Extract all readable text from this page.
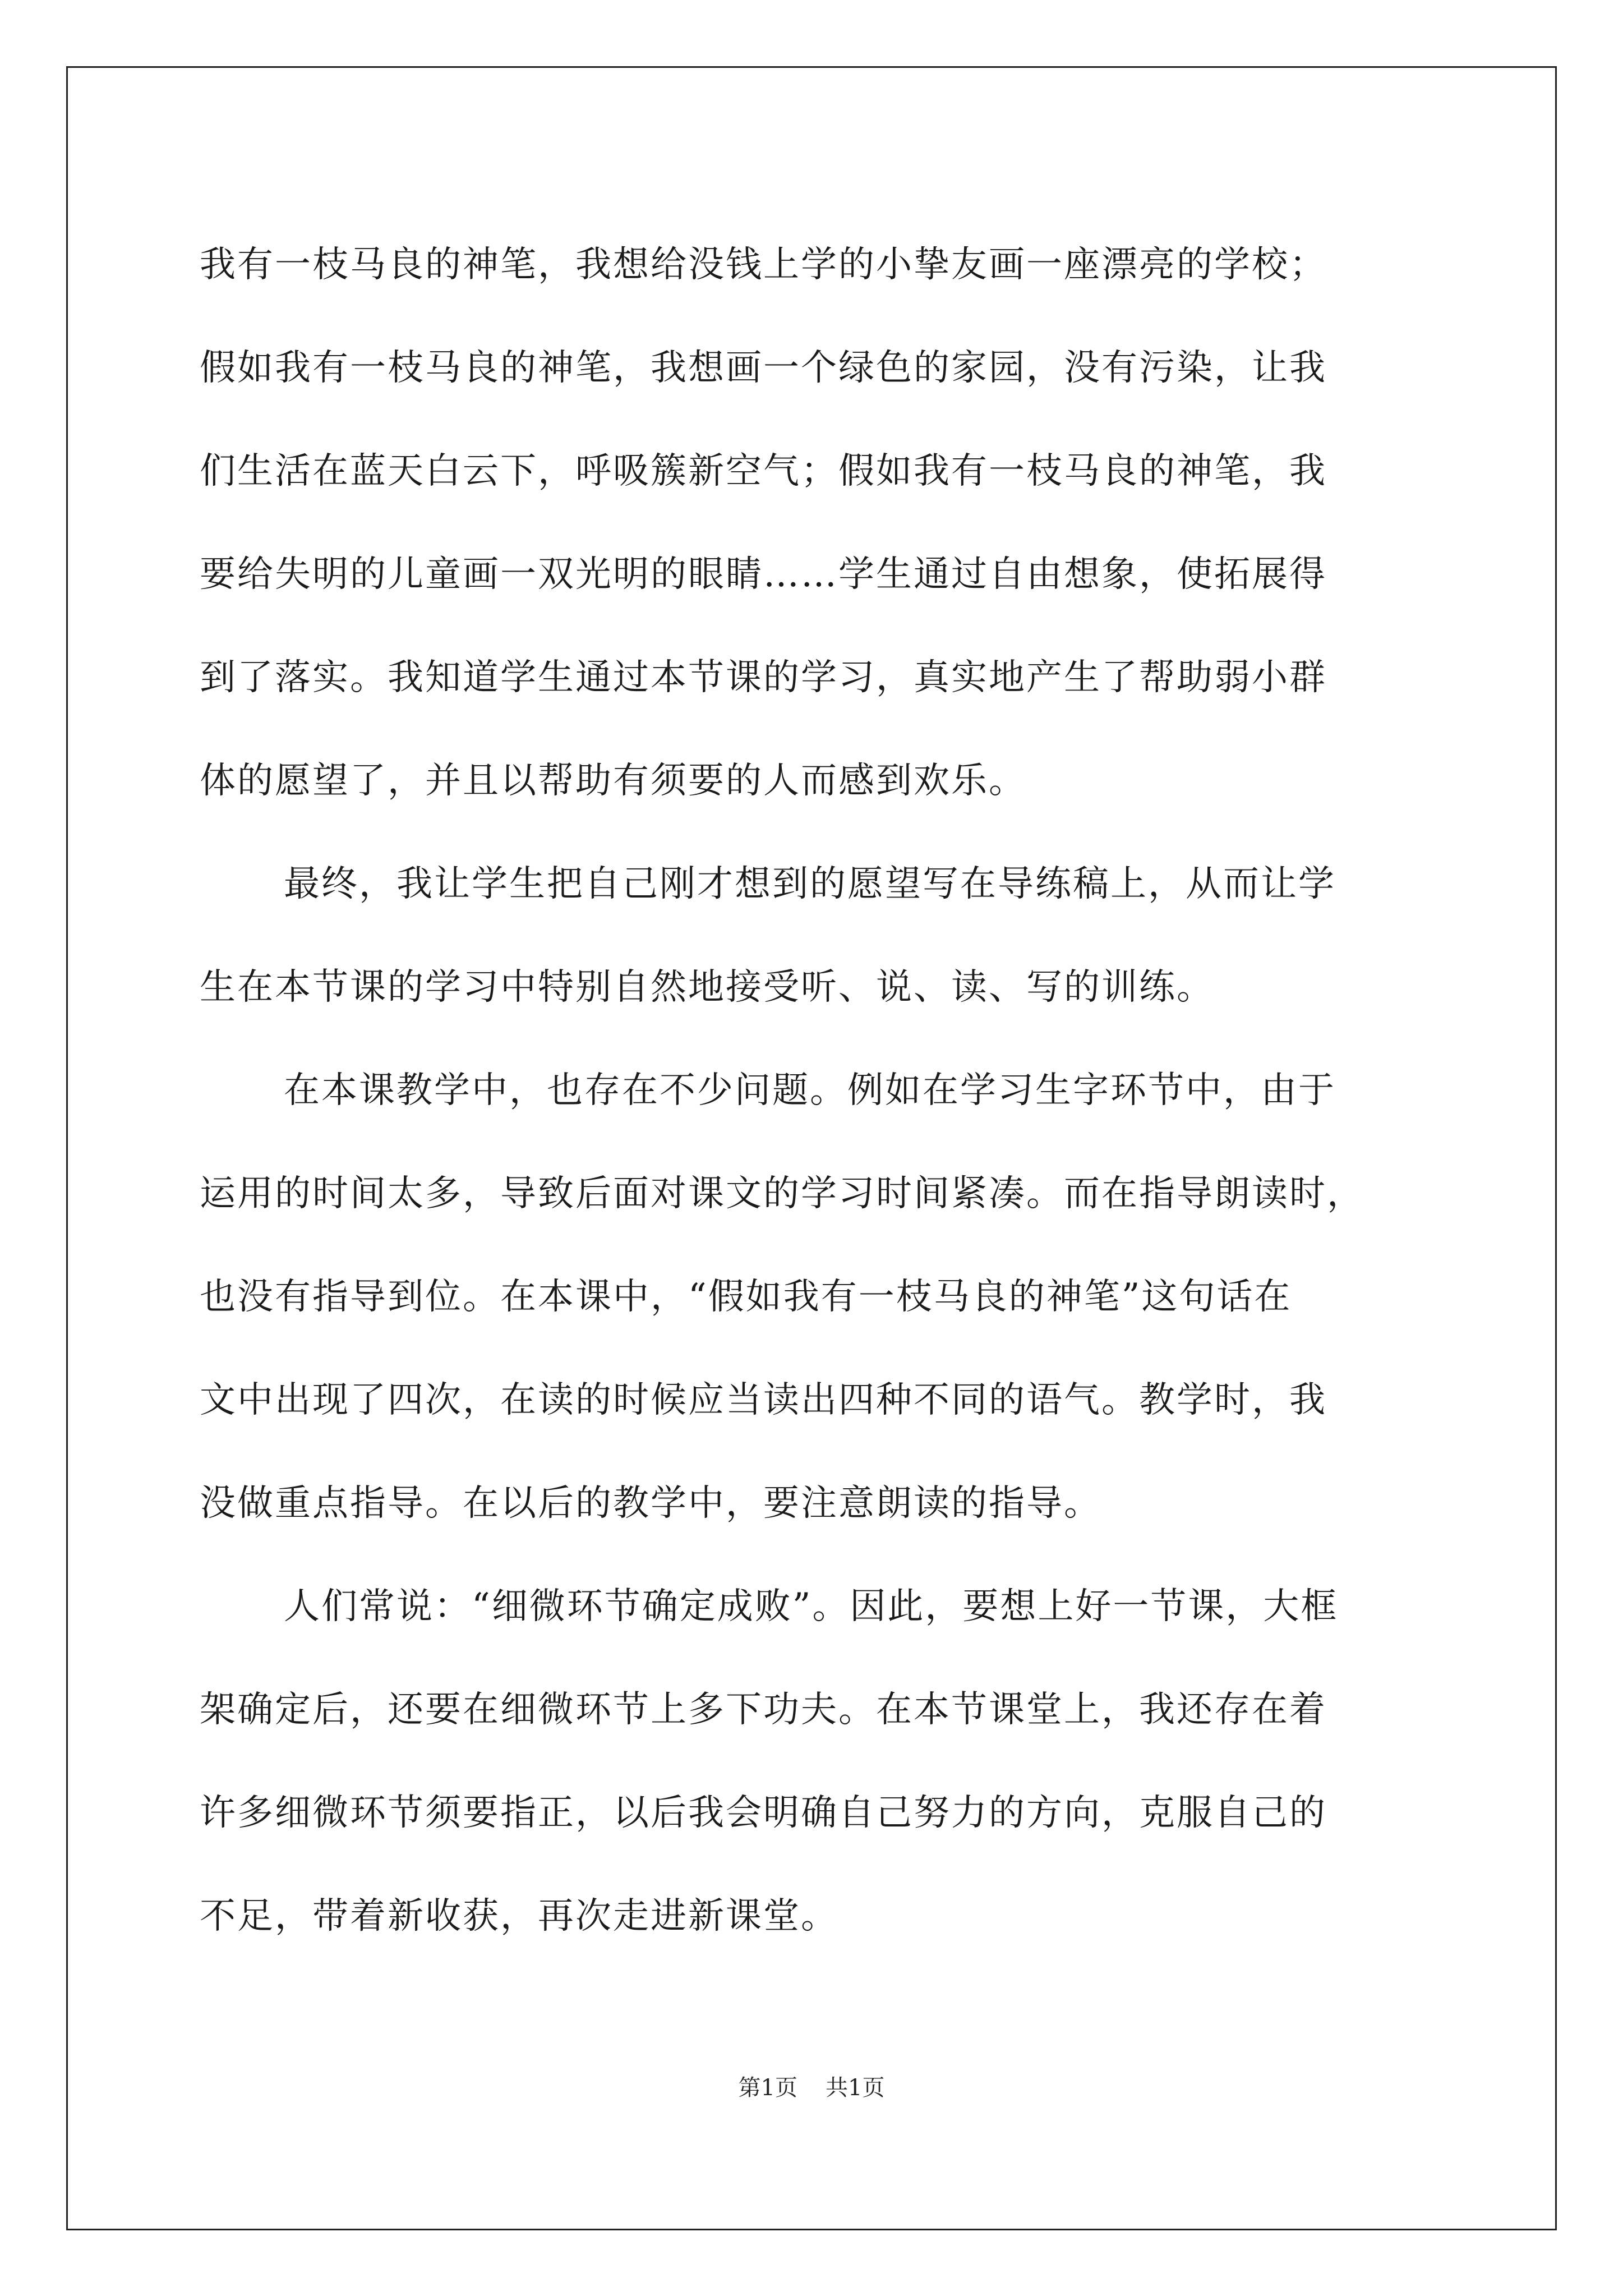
我有一枝马良的神笔，我想给没钱上学的小挚友画一座漂亮的学校；
假如我有一枝马良的神笔，我想画一个绿色的家园，没有污染，让我
们生活在蓝天白云下，呼吸簇新空气；假如我有一枝马良的神笔，我
要给失明的儿童画一双光明的眼睛……学生通过自由想象，使拓展得
到了落实。我知道学生通过本节课的学习，真实地产生了帮助弱小群
体的愿望了，并且以帮助有须要的人而感到欢乐。
最终，我让学生把自己刚才想到的愿望写在导练稿上，从而让学
生在本节课的学习中特别自然地接受听、说、读、写的训练。
在本课教学中，也存在不少问题。例如在学习生字环节中，由于
运用的时间太多，导致后面对课文的学习时间紧凑。而在指导朗读时，
也没有指导到位。在本课中，“假如我有一枝马良的神笔”这句话在
文中出现了四次，在读的时候应当读出四种不同的语气。教学时，我
没做重点指导。在以后的教学中，要注意朗读的指导。
人们常说：“细微环节确定成败”。因此，要想上好一节课，大框
架确定后，还要在细微环节上多下功夫。在本节课堂上，我还存在着
许多细微环节须要指正，以后我会明确自己努力的方向，克服自己的
不足，带着新收获，再次走进新课堂。
第1页 共1页
